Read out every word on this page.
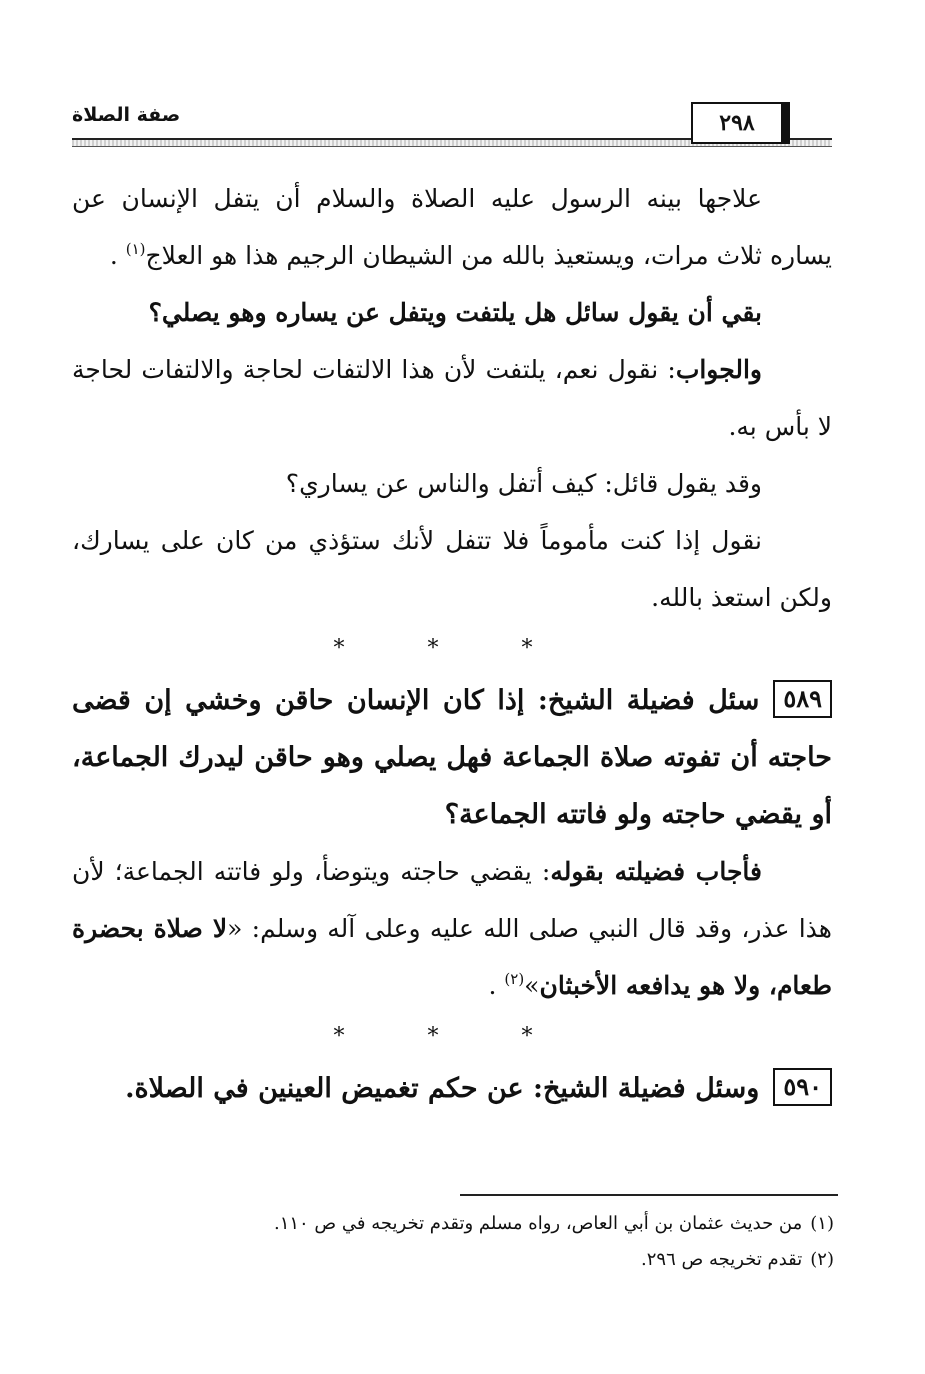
صفة الصلاة	٢٩٨

علاجها بينه الرسول عليه الصلاة والسلام أن يتفل الإنسان عن يساره ثلاث مرات، ويستعيذ بالله من الشيطان الرجيم هذا هو العلاج$^{(١)}$ .

بقي أن يقول سائل هل يلتفت ويتفل عن يساره وهو يصلي؟

والجواب: نقول نعم، يلتفت لأن هذا الالتفات لحاجة والالتفات لحاجة لا بأس به.

وقد يقول قائل: كيف أتفل والناس عن يساري؟

نقول إذا كنت مأموماً فلا تتفل لأنك ستؤذي من كان على يسارك، ولكن استعذ بالله.

* * *

٥٨٩سئل فضيلة الشيخ: إذا كان الإنسان حاقن وخشي إن قضى حاجته أن تفوته صلاة الجماعة فهل يصلي وهو حاقن ليدرك الجماعة، أو يقضي حاجته ولو فاتته الجماعة؟

فأجاب فضيلته بقوله: يقضي حاجته ويتوضأ، ولو فاتته الجماعة؛ لأن هذا عذر، وقد قال النبي صلى الله عليه وعلى آله وسلم: «لا صلاة بحضرة طعام، ولا هو يدافعه الأخبثان»$^{(٢)}$ .

* * *

٥٩٠وسئل فضيلة الشيخ: عن حكم تغميض العينين في الصلاة.

(١)من حديث عثمان بن أبي العاص، رواه مسلم وتقدم تخريجه في ص ١١٠.

(٢)تقدم تخريجه ص ٢٩٦.
